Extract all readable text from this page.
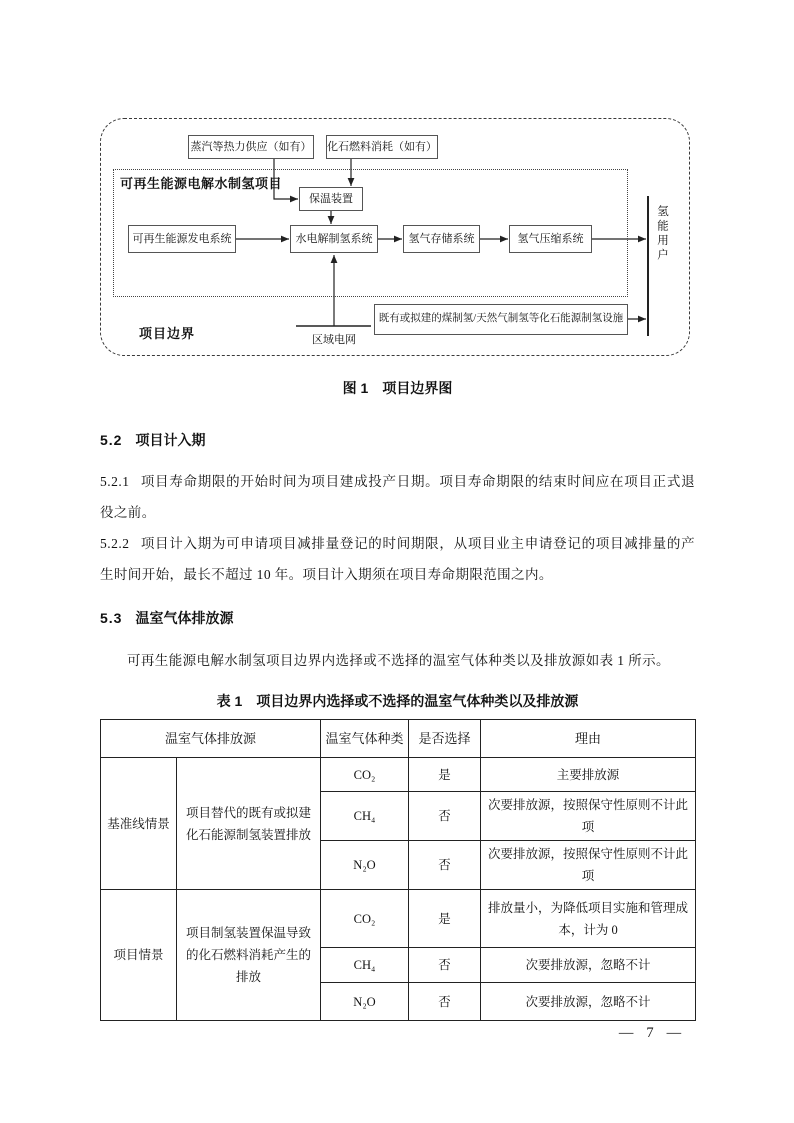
可再生能源电解水制氢项目
蒸汽等热力供应（如有） 化石燃料消耗（如有）
保温装置
可再生能源发电系统	水电解制氢系统	氢气存储系统	氢气压缩系统
既有或拟建的煤制氢/天然气制氢等化石能源制氢设施
区域电网
项目边界
氢能用户
图 1 项目边界图
5.2 项目计入期

5.2.1 项目寿命期限的开始时间为项目建成投产日期。项目寿命期限的结束时间应在项目正式退役之前。

5.2.2 项目计入期为可申请项目减排量登记的时间期限，从项目业主申请登记的项目减排量的产生时间开始，最长不超过 10 年。项目计入期须在项目寿命期限范围之内。

5.3 温室气体排放源

可再生能源电解水制氢项目边界内选择或不选择的温室气体种类以及排放源如表 1 所示。

表 1 项目边界内选择或不选择的温室气体种类以及排放源
温室气体排放源		温室气体种类	是否选择	理由
基准线情景	项目替代的既有或拟建化石能源制氢装置排放	CO₂	是	主要排放源
		CH₄	否	次要排放源，按照保守性原则不计此项
		N₂O	否	次要排放源，按照保守性原则不计此项
项目情景	项目制氢装置保温导致的化石燃料消耗产生的排放	CO₂	是	排放量小，为降低项目实施和管理成本，计为 0
		CH₄	否	次要排放源，忽略不计
		N₂O	否	次要排放源，忽略不计
— 7 —
